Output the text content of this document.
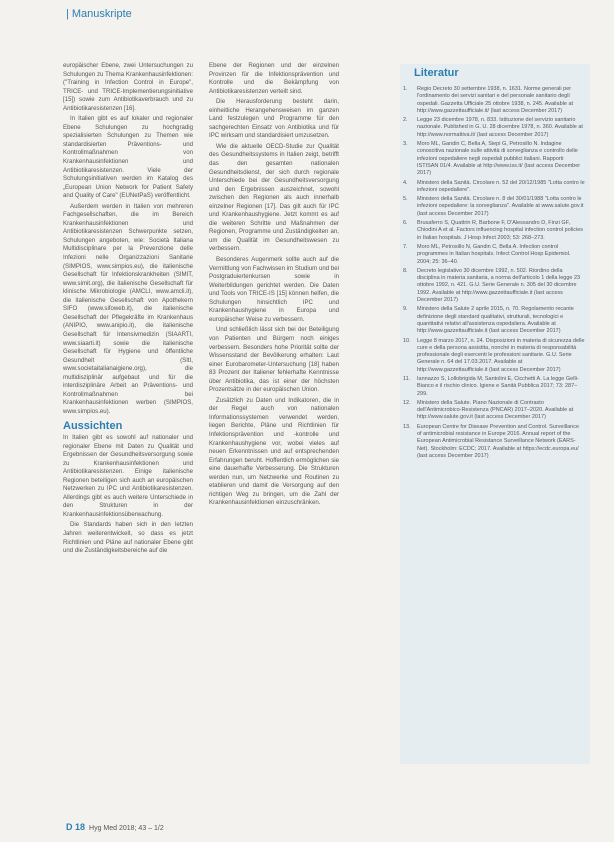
| Manuskripte

europäischer Ebene, zwei Untersuchungen zu Schulungen zu Thema Krankenhausinfektionen: ("Training in Infection Control in Europe", TRICE- und TRICE-Implementierungsinitiative [15]) sowie zum Antibiotikaverbrauch und zu Antibiotikaresistenzen [16].

In Italien gibt es auf lokaler und regionaler Ebene Schulungen zu hochgradig spezialisierten Schulungen zu Themen wie standardisierten Präventions- und Kontrollmaßnahmen von Krankenhausinfektionen und Antibiotikaresistenzen. Viele der Schulungsinitiativen werden im Katalog des „European Union Network for Patient Safety and Quality of Care" (EUNetPaS) veröffentlicht.

Außerdem werden in Italien von mehreren Fachgesellschaften, die im Bereich Krankenhausinfektionen und Antibiotikaresistenzen Schwerpunkte setzen, Schulungen angeboten, wie: Società Italiana Multidisciplinare per la Prevenzione delle Infezioni nelle Organizzazioni Sanitarie (SIMPIOS, www.simpios.eu), die italienische Gesellschaft für Infektionskrankheiten (SIMIT, www.simit.org), die italienische Gesellschaft für klinische Mikrobiologie (AMCLI, www.amcli.it), die italienische Gesellschaft von Apothekern SIFO (www.sifoweb.it), die italienische Gesellschaft der Pflegekräfte im Krankenhaus (ANIPIO, www.anipio.it), die italienische Gesellschaft für Intensivmedizin (SIAARTI, www.siaarti.it) sowie die italienische Gesellschaft für Hygiene und öffentliche Gesundheit (SItI, www.societaitalianaigiene.org), die multidisziplinär aufgebaut und für die interdisziplinäre Arbeit an Präventions- und Kontrollmaßnahmen bei Krankenhausinfektionen werben (SIMPIOS, www.simpios.eu).

Aussichten

In Italien gibt es sowohl auf nationaler und regionaler Ebene mit Daten zu Qualität und Ergebnissen der Gesundheitsversorgung sowie zu Krankenhausinfektionen und Antibiotikaresistenzen. Einige italienische Regionen beteiligen sich auch an europäischen Netzwerken zu IPC und Antibiotikaresistenzen. Allerdings gibt es auch weitere Unterschiede in den Strukturen in der Krankenhausinfektionsüberwachung.

Die Standards haben sich in den letzten Jahren weiterentwickelt, so dass es jetzt Richtlinien und Pläne auf nationaler Ebene gibt und die Zuständigkeitsbereiche auf die

Ebene der Regionen und der einzelnen Provinzen für die Infektionsprävention und Kontrolle und die Bekämpfung von Antibiotikaresistenzen verteilt sind.

Die Herausforderung besteht darin, einheitliche Herangehensweisen im ganzen Land festzulegen und Programme für den sachgerechten Einsatz von Antibiotika und für IPC wirksam und standardisiert umzusetzen.

Wie die aktuelle OECD-Studie zur Qualität des Gesundheitssystems in Italien zeigt, betrifft das den gesamten nationalen Gesundheitsdienst, der sich durch regionale Unterschiede bei der Gesundheitsversorgung und den Ergebnissen auszeichnet, sowohl zwischen den Regionen als auch innerhalb einzelner Regionen [17]. Das gilt auch für IPC und Krankenhaushygiene. Jetzt kommt es auf die weiteren Schritte und Maßnahmen der Regionen, Programme und Zuständigkeiten an, um die Qualität im Gesundheitswesen zu verbessern.

Besonderes Augenmerk sollte auch auf die Vermittlung von Fachwissen im Studium und bei Postgraduiertenkursen sowie in Weiterbildungen gerichtet werden. Die Daten und Tools von TRICE-IS [15] können helfen, die Schulungen hinsichtlich IPC und Krankenhaushygiene in Europa und europäischer Weise zu verbessern.

Und schließlich lässt sich bei der Beteiligung von Patienten und Bürgern noch einiges verbessern. Besonders hohe Priorität sollte der Wissensstand der Bevölkerung erhalten: Laut einer Eurobarometer-Untersuchung [18] haben 83 Prozent der Italiener fehlerhafte Kenntnisse über Antibiotika, das ist einer der höchsten Prozentsätze in der europäischen Union.

Zusätzlich zu Daten und Indikatoren, die in der Regel auch von nationalen Informationssystemen verwendet werden, liegen Berichte, Pläne und Richtlinien für Infektionsprävention und -kontrolle und Krankenhaushygiene vor, wobei vieles auf neuen Erkenntnissen und auf entsprechenden Erfahrungen beruht. Hoffentlich ermöglichen sie eine dauerhafte Verbesserung. Die Strukturen werden nun, um Netzwerke und Routinen zu etablieren und damit die Versorgung auf den richtigen Weg zu bringen, um die Zahl der Krankenhausinfektionen einzuschränken.

Literatur
1. Regio Decreto 30 settembre 1938, n. 1631. Norme generali per l'ordinamento dei servizi sanitari e del personale sanitario degli ospedali. Gazzetta Ufficiale 25 ottobre 1938, n. 245. Available at http://www.gazzettaufficiale.it/ (last access December 2017)
2. Legge 23 dicembre 1978, n. 833. Istituzione del servizio sanitario nazionale. Published in G. U. 28 dicembre 1978, n. 360. Available at http://www.normattiva.it/ (last access December 2017)
3. Moro ML, Gandin C, Bella A, Siepi G, Petrosillo N. Indagine conoscitiva nazionale sulle attività di sorveglianza e controllo delle infezioni ospedaliere negli ospedali pubblici italiani. Rapporti ISTISAN 01/4. Available at http://www.iss.it/ (last access December 2017)
4. Ministero della Sanità. Circolare n. 52 del 20/12/1985 "Lotta contro le infezioni ospedaliere".
5. Ministero della Sanità. Circolare n. 8 del 30/01/1988 "Lotta contro le infezioni ospedaliere: la sorveglianza". Available at www.salute.gov.it (last access December 2017)
6. Brusaferro S, Quattrin R, Barbone F, D'Alessandro D, Finzi GF, Chiodini A et al. Factors influencing hospital infection control policies in Italian hospitals. J Hosp Infect 2003; 53: 268–273.
7. Moro ML, Petrosillo N, Gandin C, Bella A. Infection control programmes in Italian hospitals. Infect Control Hosp Epidemiol. 2004; 25: 36–40.
8. Decreto legislativo 30 dicembre 1992, n. 502. Riordino della disciplina in materia sanitaria, a norma dell'articolo 1 della legge 23 ottobre 1992, n. 421. G.U. Serie Generale n. 305 del 30 dicembre 1992. Available at http://www.gazzettaufficiale.it (last access December 2017)
9. Ministero della Salute 2 aprile 2015, n. 70. Regolamento recante definizione degli standard qualitativi, strutturali, tecnologici e quantitativi relativi all'assistenza ospedaliera. Available at http://www.gazzettaufficiale.it (last access December 2017)
10. Legge 8 marzo 2017, n. 24. Disposizioni in materia di sicurezza delle cure e della persona assistita, nonché in materia di responsabilità professionale degli esercenti le professioni sanitarie. G.U. Serie Generale n. 64 del 17.03.2017. Available at http://www.gazzettaufficiale.it (last access December 2017)
11. Iannazzo S, Lollobrigida M, Santolini E, Cicchetti A. La legge Gelli-Bianco e il rischio clinico. Igiene e Sanità Pubblica 2017; 73: 287–299.
12. Ministero della Salute. Piano Nazionale di Contrasto dell'Antimicrobico-Resistenza (PNCAR) 2017–2020. Available at http://www.salute.gov.it (last access December 2017)
13. European Centre for Disease Prevention and Control. Surveillance of antimicrobial resistance in Europe 2016. Annual report of the European Antimicrobial Resistance Surveillance Network (EARS-Net). Stockholm: ECDC; 2017. Available at https://ecdc.europa.eu/ (last access December 2017)
D 18 Hyg Med 2018; 43 – 1/2
